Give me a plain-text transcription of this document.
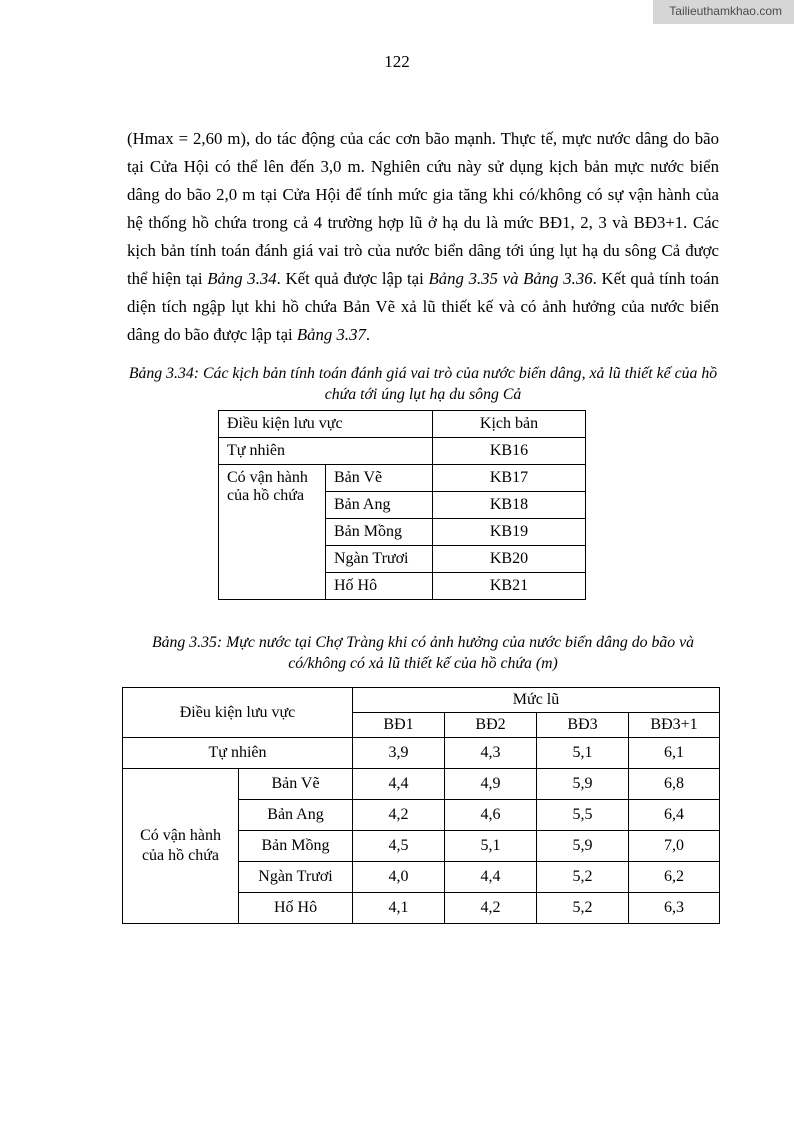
Tailieuthamkhao.com
122

(Hmax = 2,60 m), do tác động của các cơn bão mạnh. Thực tế, mực nước dâng do bão tại Cửa Hội có thể lên đến 3,0 m. Nghiên cứu này sử dụng kịch bản mực nước biển dâng do bão 2,0 m tại Cửa Hội để tính mức gia tăng khi có/không có sự vận hành của hệ thống hồ chứa trong cả 4 trường hợp lũ ở hạ du là mức BĐ1, 2, 3 và BĐ3+1. Các kịch bản tính toán đánh giá vai trò của nước biển dâng tới úng lụt hạ du sông Cả được thể hiện tại Bảng 3.34. Kết quả được lập tại Bảng 3.35 và Bảng 3.36. Kết quả tính toán diện tích ngập lụt khi hồ chứa Bản Vẽ xả lũ thiết kế và có ảnh hưởng của nước biển dâng do bão được lập tại Bảng 3.37.

Bảng 3.34: Các kịch bản tính toán đánh giá vai trò của nước biển dâng, xả lũ thiết kế của hồ chứa tới úng lụt hạ du sông Cả

Điều kiện lưu vực		Kịch bản
Tự nhiên		KB16
Có vận hành của hồ chứa	Bản Vẽ	KB17
	Bản Ang	KB18
	Bản Mồng	KB19
	Ngàn Trươi	KB20
	Hố Hô	KB21

Bảng 3.35: Mực nước tại Chợ Tràng khi có ảnh hưởng của nước biển dâng do bão và có/không có xả lũ thiết kế của hồ chứa (m)

Điều kiện lưu vực		Mức lũ			
		BĐ1	BĐ2	BĐ3	BĐ3+1
Tự nhiên		3,9	4,3	5,1	6,1
Có vận hành của hồ chứa	Bản Vẽ	4,4	4,9	5,9	6,8
	Bản Ang	4,2	4,6	5,5	6,4
	Bản Mồng	4,5	5,1	5,9	7,0
	Ngàn Trươi	4,0	4,4	5,2	6,2
	Hố Hô	4,1	4,2	5,2	6,3
